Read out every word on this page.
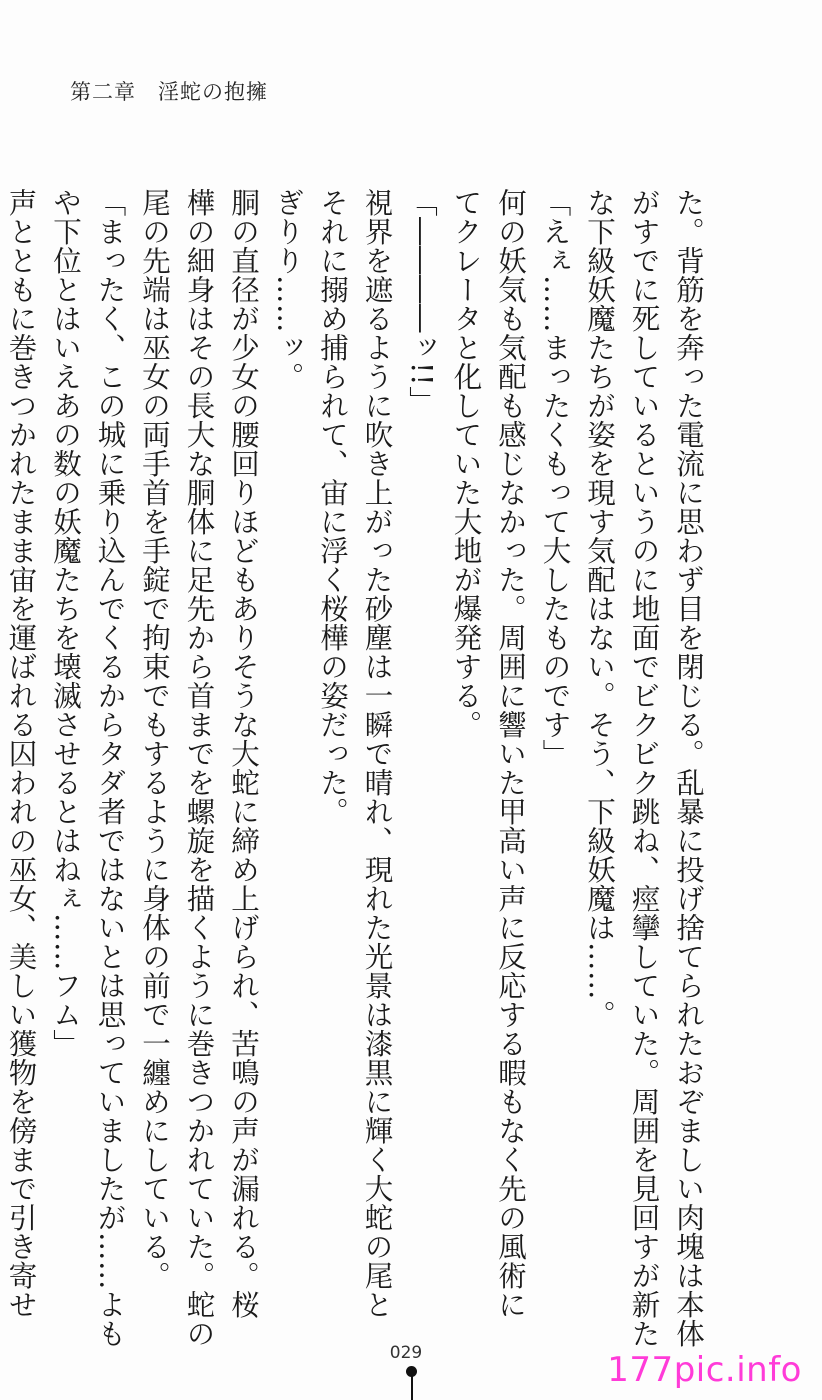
第二章　淫蛇の抱擁
た。背筋を奔った電流に思わず目を閉じる。乱暴に投げ捨てられたおぞましい肉塊は本体
がすでに死しているというのに地面でビクビク跳ね、痙攣していた。周囲を見回すが新た
な下級妖魔たちが姿を現す気配はない。そう、下級妖魔は……。
「えぇ……まったくもって大したものです」
何の妖気も気配も感じなかった。周囲に響いた甲高い声に反応する暇もなく先の風術に
てクレータと化していた大地が爆発する。
「――――ッ!!」
視界を遮るように吹き上がった砂塵は一瞬で晴れ、現れた光景は漆黒に輝く大蛇の尾と
それに搦め捕られて、宙に浮く桜樺の姿だった。
ぎりり……ッ。
胴の直径が少女の腰回りほどもありそうな大蛇に締め上げられ、苦鳴の声が漏れる。桜
樺の細身はその長大な胴体に足先から首までを螺旋を描くように巻きつかれていた。蛇の
尾の先端は巫女の両手首を手錠で拘束でもするように身体の前で一纏めにしている。
「まったく、この城に乗り込んでくるからタダ者ではないとは思っていましたが……よも
や下位とはいえあの数の妖魔たちを壊滅させるとはねぇ……フム」
声とともに巻きつかれたまま宙を運ばれる囚われの巫女、美しい獲物を傍まで引き寄せ
029	177pic.info
